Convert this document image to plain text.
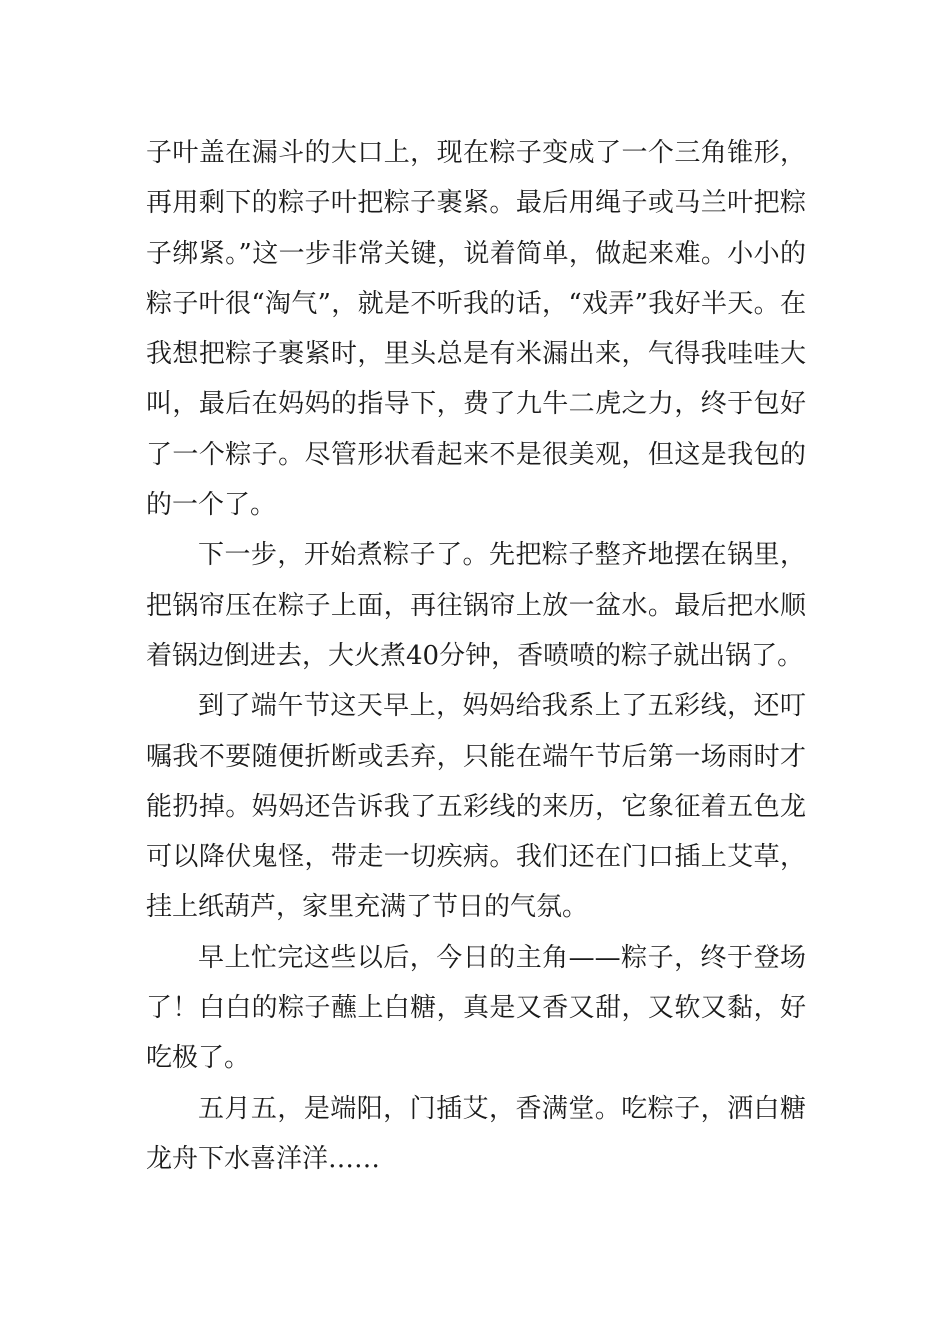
子叶盖在漏斗的大口上，现在粽子变成了一个三角锥形，再用剩下的粽子叶把粽子裹紧。最后用绳子或马兰叶把粽子绑紧。”这一步非常关键，说着简单，做起来难。小小的粽子叶很“淘气”，就是不听我的话，“戏弄”我好半天。在我想把粽子裹紧时，里头总是有米漏出来，气得我哇哇大叫，最后在妈妈的指导下，费了九牛二虎之力，终于包好了一个粽子。尽管形状看起来不是很美观，但这是我包的的一个了。

下一步，开始煮粽子了。先把粽子整齐地摆在锅里，把锅帘压在粽子上面，再往锅帘上放一盆水。最后把水顺着锅边倒进去，大火煮40分钟，香喷喷的粽子就出锅了。

到了端午节这天早上，妈妈给我系上了五彩线，还叮嘱我不要随便折断或丢弃，只能在端午节后第一场雨时才能扔掉。妈妈还告诉我了五彩线的来历，它象征着五色龙可以降伏鬼怪，带走一切疾病。我们还在门口插上艾草，挂上纸葫芦，家里充满了节日的气氛。

早上忙完这些以后，今日的主角——粽子，终于登场了！白白的粽子蘸上白糖，真是又香又甜，又软又黏，好吃极了。

五月五，是端阳，门插艾，香满堂。吃粽子，洒白糖龙舟下水喜洋洋……
